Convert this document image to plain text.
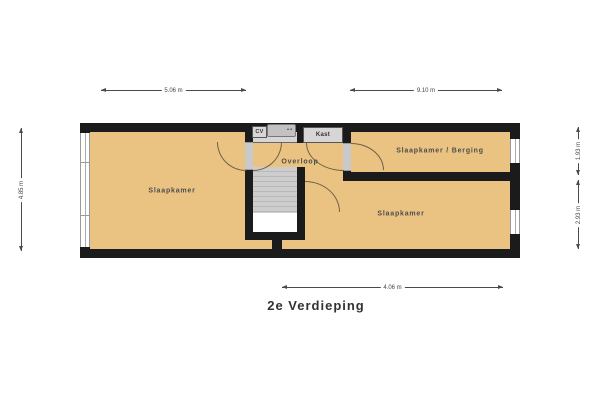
CV	• •
Kast
Slaapkamer
Overloop
Slaapkamer / Berging
Slaapkamer
5.06 m	9.10 m
4.06 m
4.85 m
1.93 m
2.93 m
2e Verdieping
